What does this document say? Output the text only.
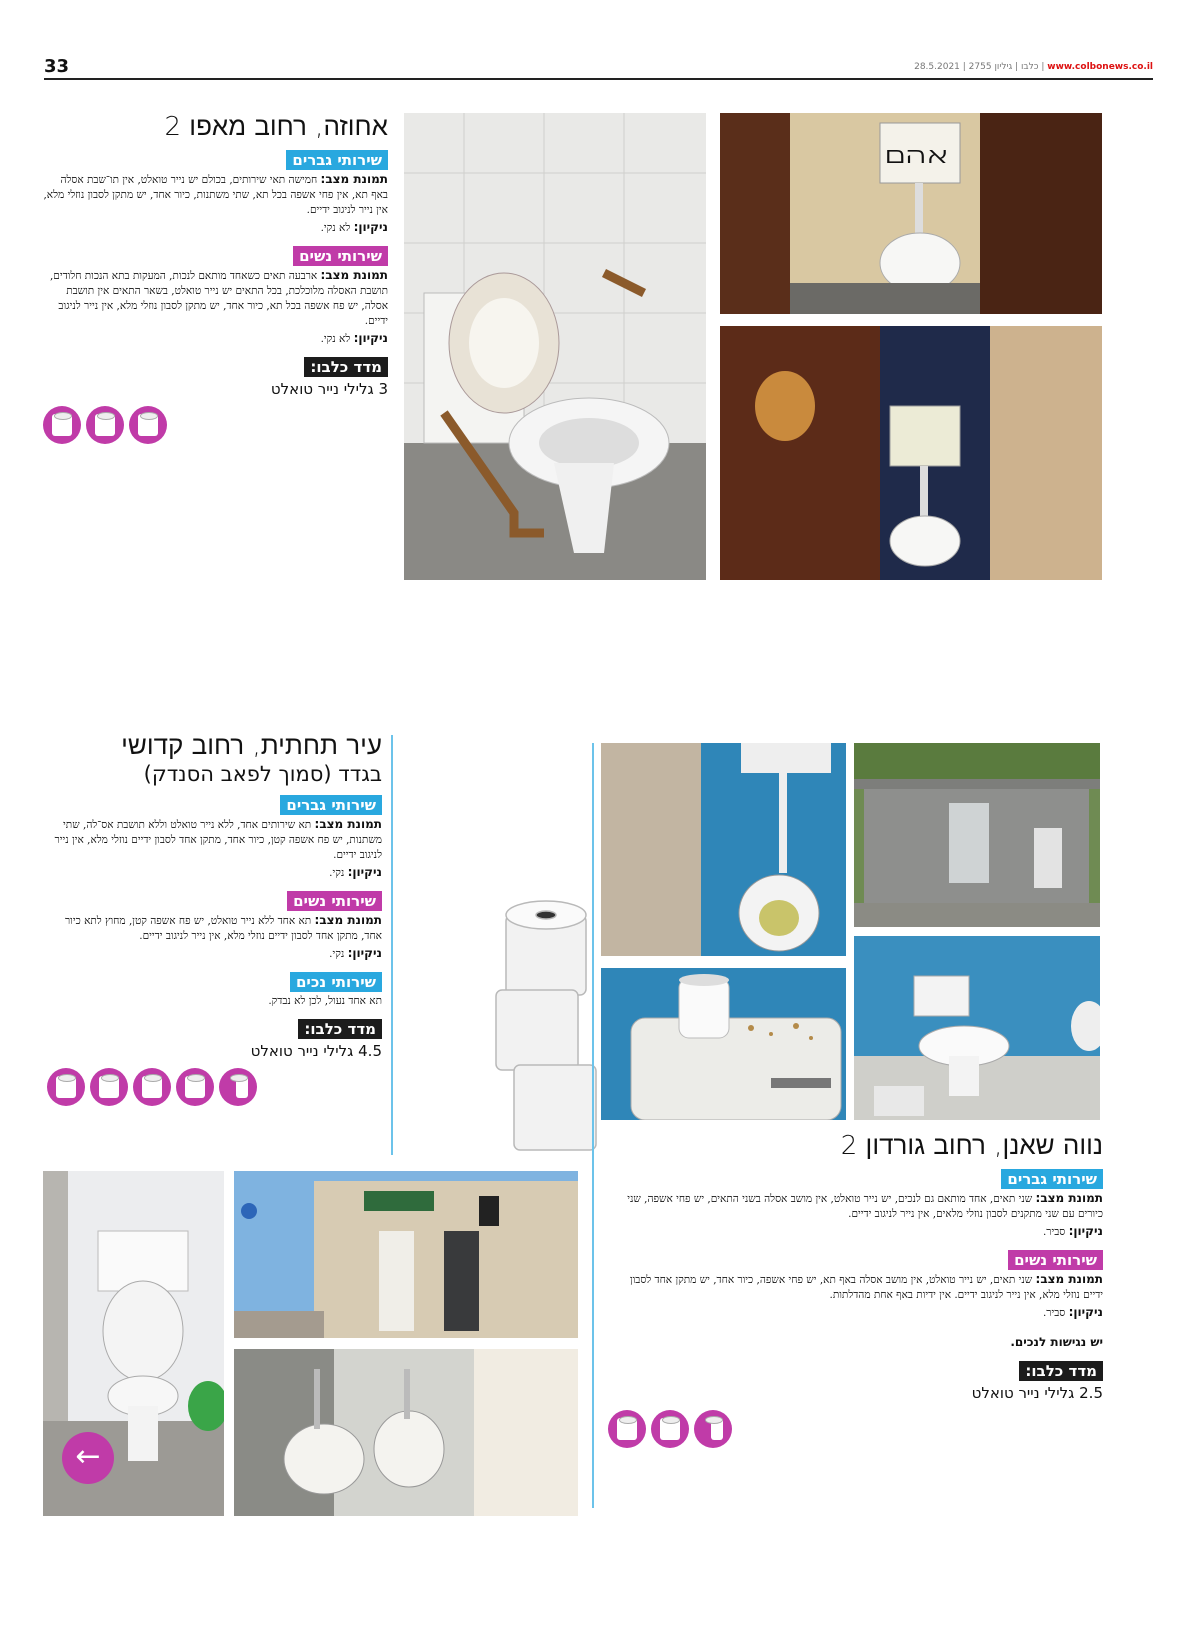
33	www.colbonews.co.il | כלבו | גיליון 2755 | 28.5.2021
ﬡﬣﬦ
אחוזה, רחוב מאפו 2
שירותי גברים
תמונת מצב: חמישה תאי שירותים, בכולם יש נייר טואלט, אין תו־שבת אסלה באף תא, אין פחי אשפה בכל תא, שתי משתנות, כיור אחד, יש מתקן לסבון נוזלי מלא, אין נייר לניגוב ידיים.
ניקיון: לא נקי.
שירותי נשים
תמונת מצב: ארבעה תאים כשאחד מותאם לנכות, המעקות בתא הנכות חלודים, תושבת האסלה מלוכלכת, בכל התאים יש נייר טואלט, בשאר התאים אין תושבת אסלה, יש פח אשפה בכל תא, כיור אחד, יש מתקן לסבון נוזלי מלא, אין נייר לניגוב ידיים.
ניקיון: לא נקי.
מדד כלבו:
3 גלילי נייר טואלט
עיר תחתית, רחוב קדושי
בגדד (סמוך לפאב הסנדק)
שירותי גברים
תמונת מצב: תא שירותים אחד, ללא נייר טואלט וללא תושבת אס־לה, שתי משתנות, יש פח אשפה קטן, כיור אחד, מתקן אחד לסבון ידיים נוזלי מלא, אין נייר לניגוב ידיים.
ניקיון: נקי.
שירותי נשים
תמונת מצב: תא אחד ללא נייר טואלט, יש פח אשפה קטן, מחוץ לתא כיור אחד, מתקן אחד לסבון ידיים נוזלי מלא, אין נייר לניגוב ידיים.
ניקיון: נקי.
שירותי נכים
תא אחד נעול, לכן לא נבדק.
מדד כלבו:
4.5 גלילי נייר טואלט
נווה שאנן, רחוב גורדון 2
שירותי גברים
תמונת מצב: שני תאים, אחד מותאם גם לנכים, יש נייר טואלט, אין מושב אסלה בשני התאים, יש פחי אשפה, שני כיורים עם שני מתקנים לסבון נוזלי מלאים, אין נייר לניגוב ידיים.
ניקיון: סביר.
שירותי נשים
תמונת מצב: שני תאים, יש נייר טואלט, אין מושב אסלה באף תא, יש פחי אשפה, כיור אחד, יש מתקן אחד לסבון ידיים נוזלי מלא, אין נייר לניגוב ידיים. אין ידיות באף אחת מהדלתות.
ניקיון: סביר.
יש נגישות לנכים.
מדד כלבו:
2.5 גלילי נייר טואלט
←
